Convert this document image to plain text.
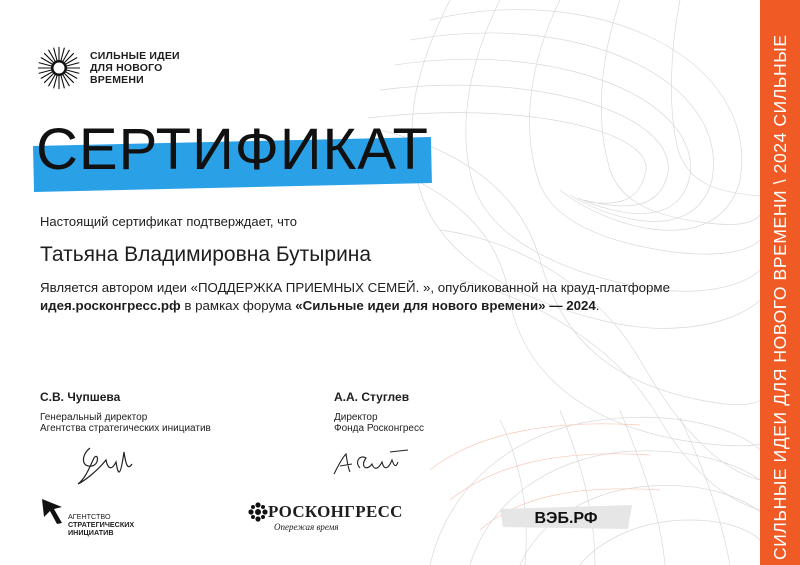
СИЛЬНЫЕ ИДЕИ ДЛЯ НОВОГО ВРЕМЕНИ
СЕРТИФИКАТ
Настоящий сертификат подтверждает, что
Татьяна Владимировна Бутырина
Является автором идеи «ПОДДЕРЖКА ПРИЕМНЫХ СЕМЕЙ. », опубликованной на крауд-платформе идея.росконгресс.рф в рамках форума «Сильные идеи для нового времени» — 2024.
С.В. Чупшева
Генеральный директор
Агентства стратегических инициатив
А.А. Стуглев
Директор
Фонда Росконгресс
АГЕНТСТВО
СТРАТЕГИЧЕСКИХ
ИНИЦИАТИВ
РОСКОНГРЕСС
Опережая время	ВЭБ.РФ	СИЛЬНЫЕ ИДЕИ ДЛЯ НОВОГО ВРЕМЕНИ \ 2024 СИЛЬНЫЕ
